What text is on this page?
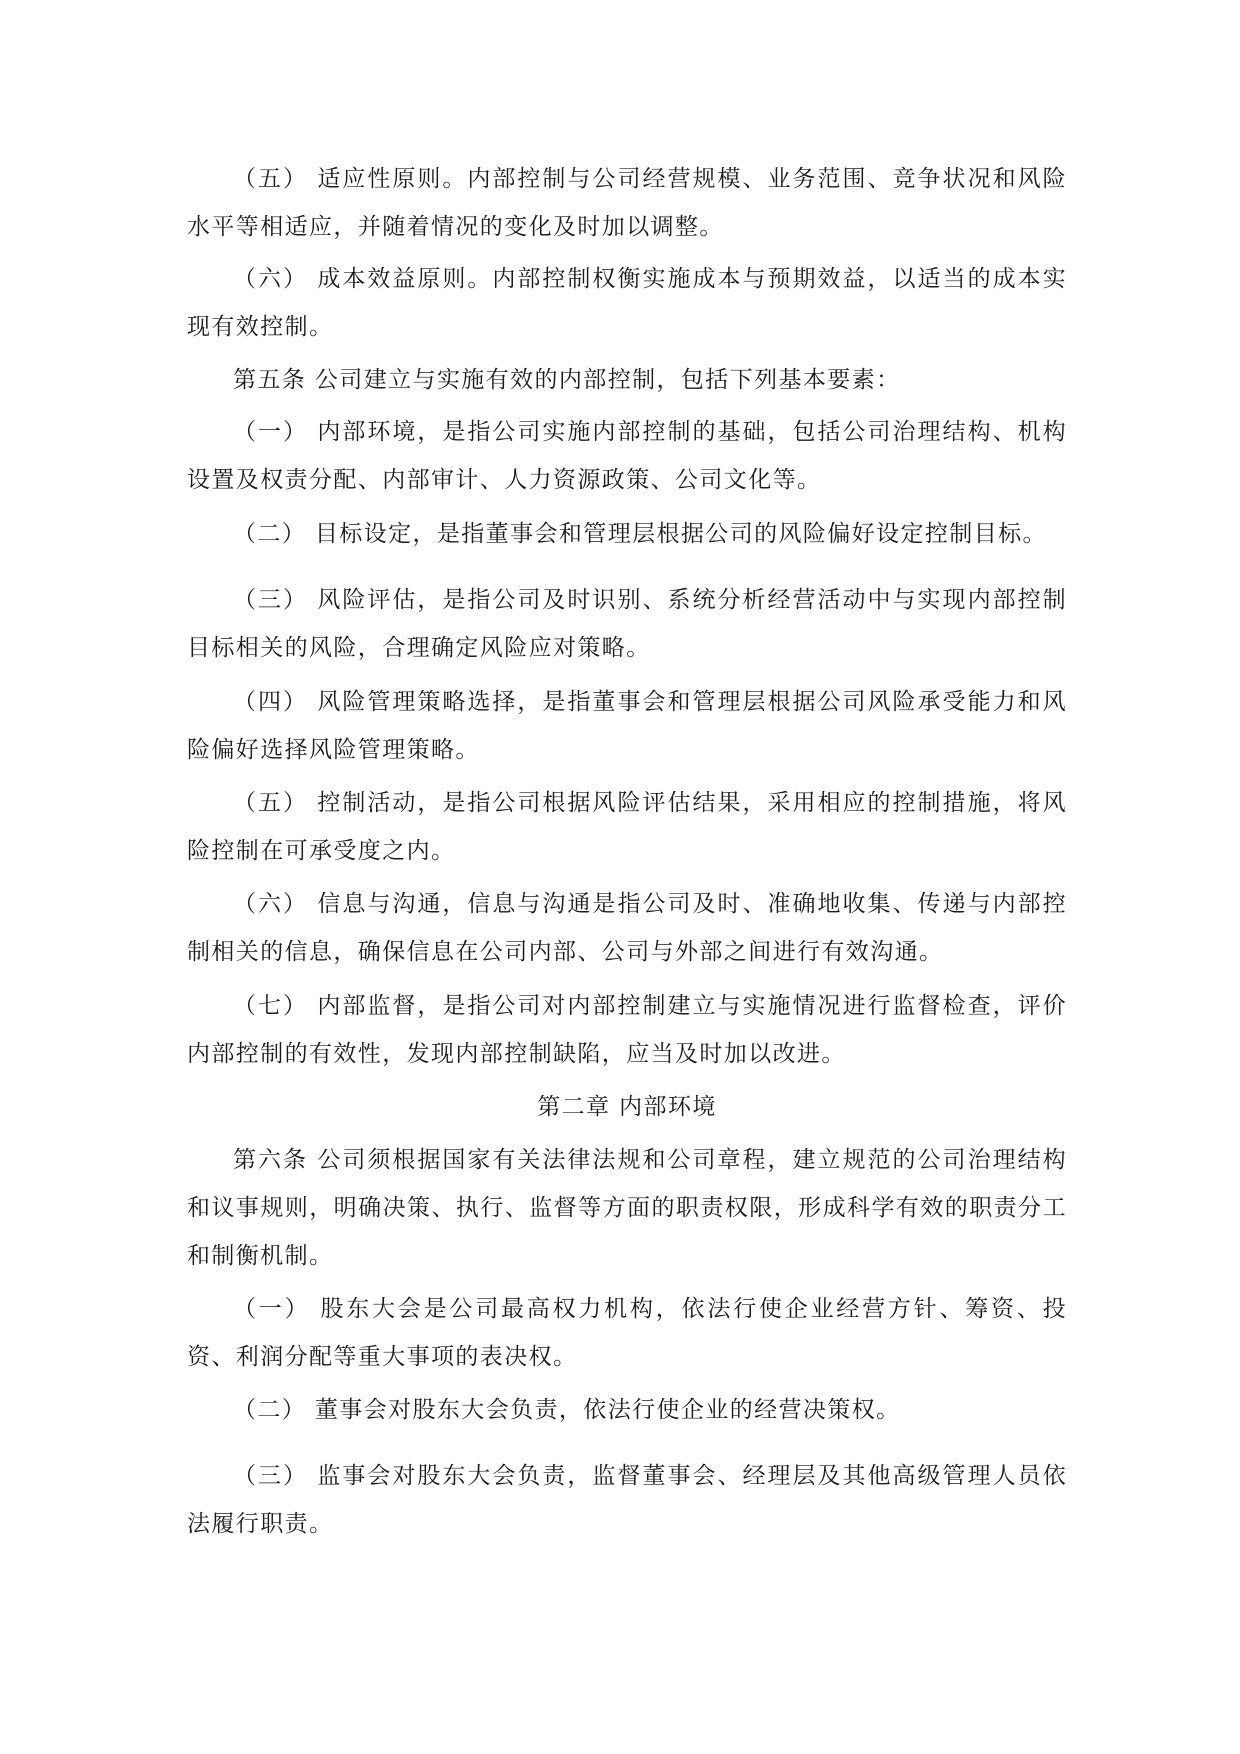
（五） 适应性原则。内部控制与公司经营规模、业务范围、竞争状况和风险水平等相适应，并随着情况的变化及时加以调整。

（六） 成本效益原则。内部控制权衡实施成本与预期效益，以适当的成本实现有效控制。

第五条 公司建立与实施有效的内部控制，包括下列基本要素：

（一） 内部环境，是指公司实施内部控制的基础，包括公司治理结构、机构设置及权责分配、内部审计、人力资源政策、公司文化等。

（二） 目标设定，是指董事会和管理层根据公司的风险偏好设定控制目标。

（三） 风险评估，是指公司及时识别、系统分析经营活动中与实现内部控制目标相关的风险，合理确定风险应对策略。

（四） 风险管理策略选择，是指董事会和管理层根据公司风险承受能力和风险偏好选择风险管理策略。

（五） 控制活动，是指公司根据风险评估结果，采用相应的控制措施，将风险控制在可承受度之内。

（六） 信息与沟通，信息与沟通是指公司及时、准确地收集、传递与内部控制相关的信息，确保信息在公司内部、公司与外部之间进行有效沟通。

（七） 内部监督，是指公司对内部控制建立与实施情况进行监督检查，评价内部控制的有效性，发现内部控制缺陷，应当及时加以改进。

第二章 内部环境

第六条 公司须根据国家有关法律法规和公司章程，建立规范的公司治理结构和议事规则，明确决策、执行、监督等方面的职责权限，形成科学有效的职责分工和制衡机制。

（一） 股东大会是公司最高权力机构，依法行使企业经营方针、筹资、投资、利润分配等重大事项的表决权。

（二） 董事会对股东大会负责，依法行使企业的经营决策权。

（三） 监事会对股东大会负责，监督董事会、经理层及其他高级管理人员依法履行职责。
